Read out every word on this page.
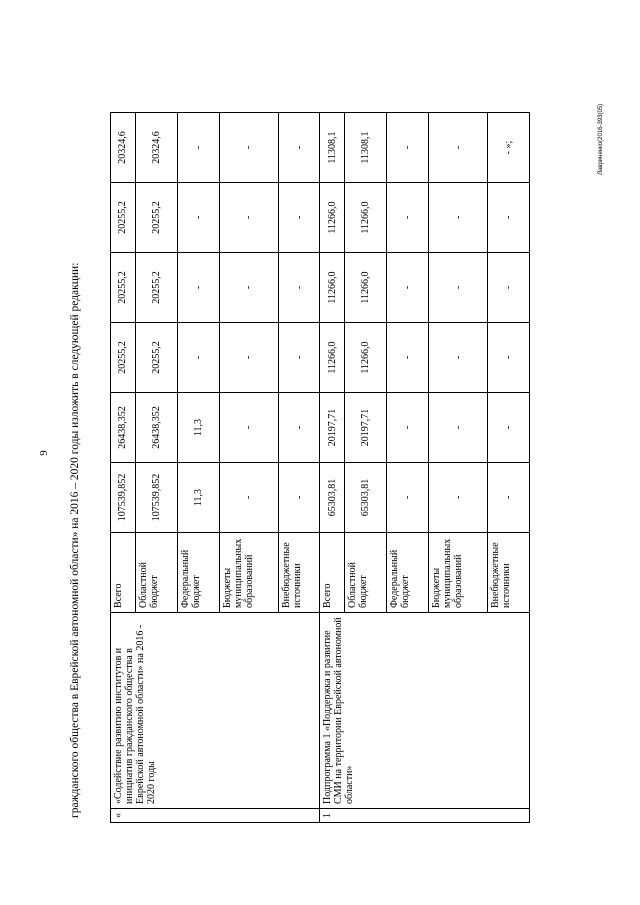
9 гражданского общества в Еврейской автономной области» на 2016 – 2020 годы изложить в следующей редакции:
Лавриненко(2016-393(05)
«	«Содействие развитию институтов и инициатив гражданского общества в Еврейской автономной области» на 2016 - 2020 годы	Всего	107539,852	26438,352	20255,2	20255,2	20255,2	20324,6
		Областной бюджет	107539,852	26438,352	20255,2	20255,2	20255,2	20324,6
		Федеральный бюджет	11,3	11,3	-	-	-	-
		Бюджеты муниципальных образований	-	-	-	-	-	-
		Внебюджетные источники	-	-	-	-	-	-
1	Подпрограмма 1 «Поддержка и развитие СМИ на территории Еврейской автономной области»	Всего	65303,81	20197,71	11266,0	11266,0	11266,0	11308,1
		Областной бюджет	65303,81	20197,71	11266,0	11266,0	11266,0	11308,1
		Федеральный бюджет	-	-	-	-	-	-
		Бюджеты муниципальных образований	-	-	-	-	-	-
		Внебюджетные источники	-	-	-	-	-	- »;
